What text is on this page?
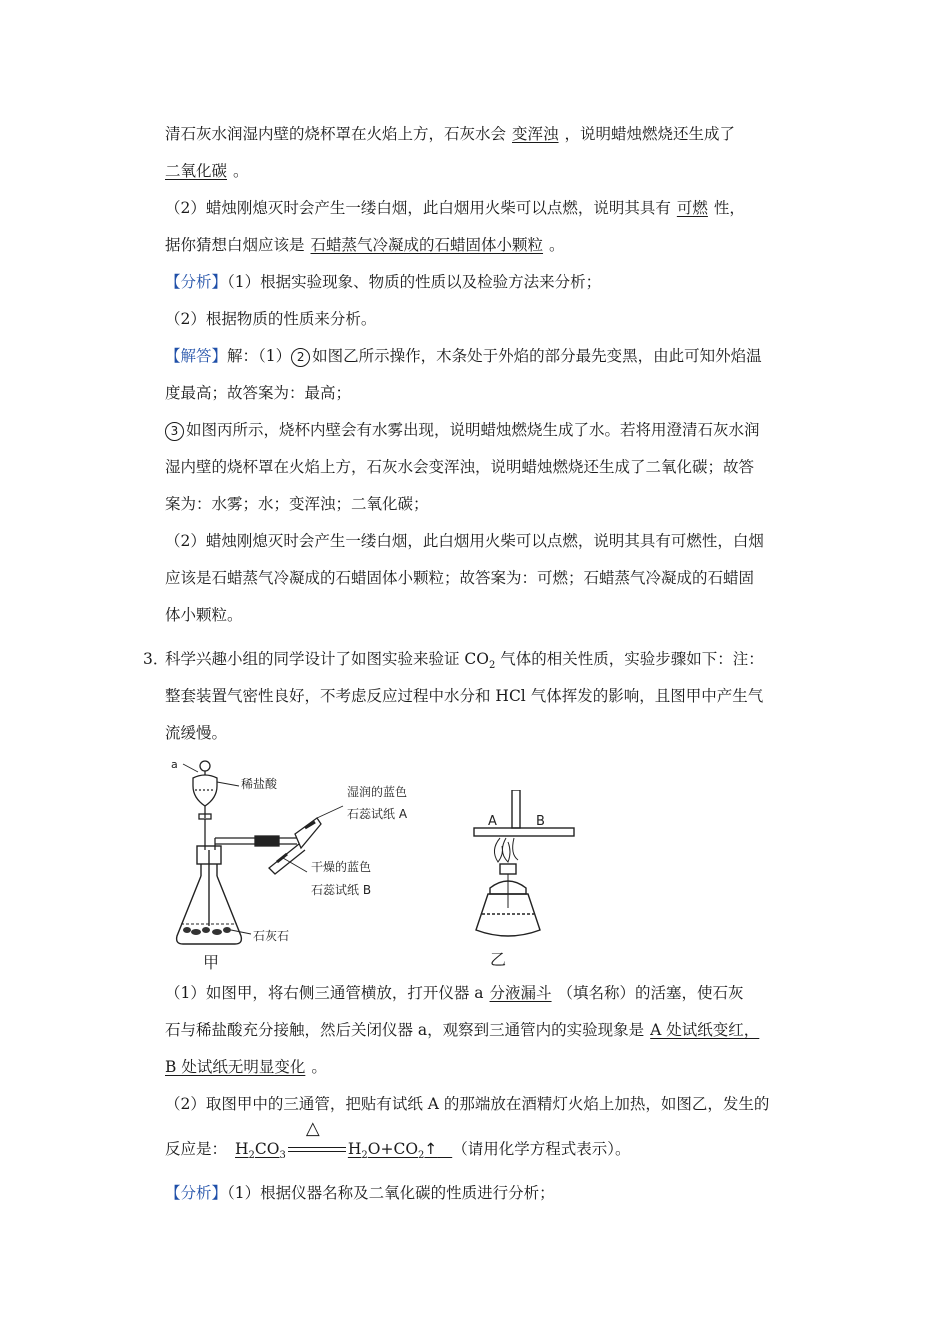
清石灰水润湿内壁的烧杯罩在火焰上方，石灰水会 变浑浊 ，说明蜡烛燃烧还生成了
二氧化碳 。
（2）蜡烛刚熄灭时会产生一缕白烟，此白烟用火柴可以点燃，说明其具有 可燃 性，
据你猜想白烟应该是 石蜡蒸气冷凝成的石蜡固体小颗粒 。
【分析】（1）根据实验现象、物质的性质以及检验方法来分析；
（2）根据物质的性质来分析。
【解答】解：（1） 2 如图乙所示操作，木条处于外焰的部分最先变黑，由此可知外焰温
度最高；故答案为：最高；
3 如图丙所示，烧杯内壁会有水雾出现，说明蜡烛燃烧生成了水。若将用澄清石灰水润
湿内壁的烧杯罩在火焰上方，石灰水会变浑浊，说明蜡烛燃烧还生成了二氧化碳；故答
案为：水雾；水；变浑浊；二氧化碳；
（2）蜡烛刚熄灭时会产生一缕白烟，此白烟用火柴可以点燃，说明其具有可燃性，白烟
应该是石蜡蒸气冷凝成的石蜡固体小颗粒；故答案为：可燃；石蜡蒸气冷凝成的石蜡固
体小颗粒。
3．
科学兴趣小组的同学设计了如图实验来验证 $CO_2$ 气体的相关性质，实验步骤如下：注：
整套装置气密性良好，不考虑反应过程中水分和 HCl 气体挥发的影响，且图甲中产生气
流缓慢。
a
稀盐酸
石灰石
甲
湿润的蓝色
石蕊试纸 A
干燥的蓝色
石蕊试纸 B
A	B
乙
（1）如图甲，将右侧三通管横放，打开仪器 a 分液漏斗 （填名称）的活塞，使石灰
石与稀盐酸充分接触，然后关闭仪器 a，观察到三通管内的实验现象是 A 处试纸变红，
B 处试纸无明显变化 。
（2）取图甲中的三通管，把贴有试纸 A 的那端放在酒精灯火焰上加热，如图乙，发生的
反应是： $H_2CO_3$
△
$H_2O+CO_2↑$ （请用化学方程式表示）。
【分析】（1）根据仪器名称及二氧化碳的性质进行分析；
